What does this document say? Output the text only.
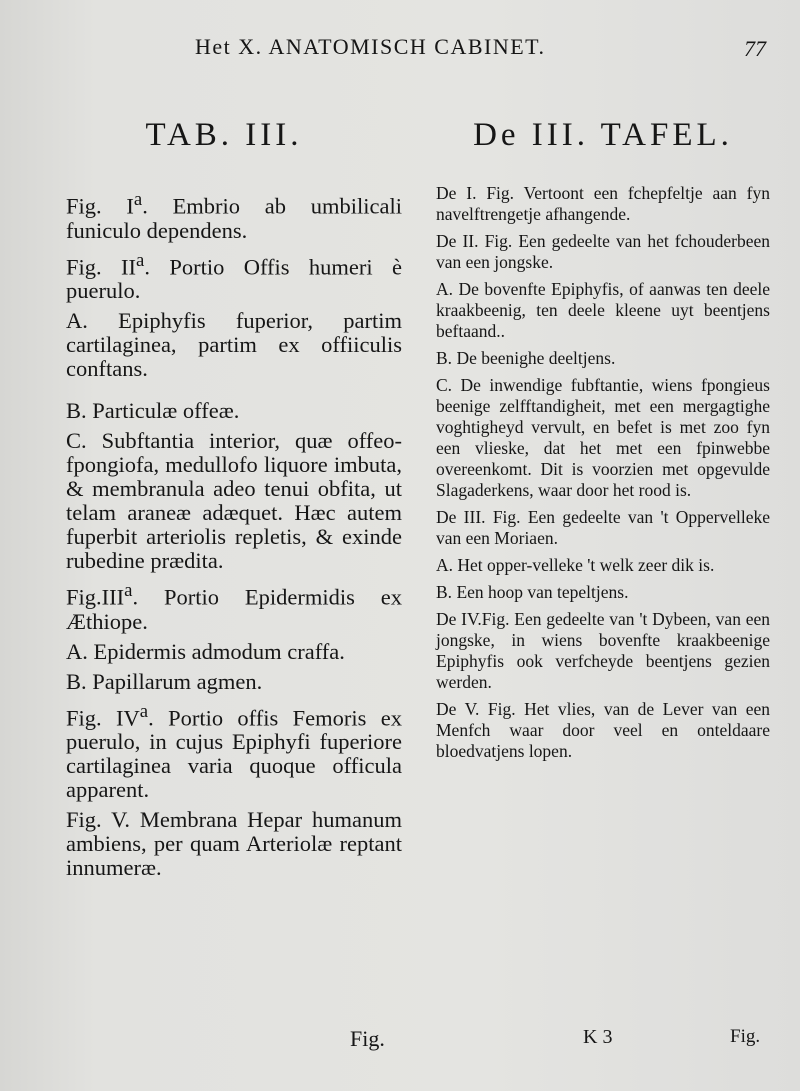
Het X. ANATOMISCH CABINET.	77
TAB. III.
Fig. $I^a$. Embrio ab umbilicali funiculo dependens.
Fig. $II^a$. Portio Offis humeri è puerulo.
A. Epiphyfis fuperior, partim cartilaginea, partim ex offiiculis conftans.
B. Particulæ offeæ.
C. Subftantia interior, quæ offeo-fpongiofa, medullofo liquore imbuta, & membranula adeo tenui obfita, ut telam araneæ adæquet. Hæc autem fuperbit arteriolis repletis, & exinde rubedine prædita.
Fig.III$^a$. Portio Epidermidis ex Æthiope.
A. Epidermis admodum craffa.
B. Papillarum agmen.
Fig. $IV^a$. Portio offis Femoris ex puerulo, in cujus Epiphyfi fuperiore cartilaginea varia quoque officula apparent.
Fig. V. Membrana Hepar humanum ambiens, per quam Arteriolæ reptant innumeræ.
De III. TAFEL.
De I. Fig. Vertoont een fchepfeltje aan fyn navelftrengetje afhangende.
De II. Fig. Een gedeelte van het fchouderbeen van een jongske.
A. De bovenfte Epiphyfis, of aanwas ten deele kraakbeenig, ten deele kleene uyt beentjens beftaand..
B. De beenighe deeltjens.
C. De inwendige fubftantie, wiens fpongieus beenige zelfftandigheit, met een mergagtighe voghtigheyd vervult, en befet is met zoo fyn een vlieske, dat het met een fpinwebbe overeenkomt. Dit is voorzien met opgevulde Slagaderkens, waar door het rood is.
De III. Fig. Een gedeelte van 't Oppervelleke van een Moriaen.
A. Het opper-velleke 't welk zeer dik is.
B. Een hoop van tepeltjens.
De IV.Fig. Een gedeelte van 't Dybeen, van een jongske, in wiens bovenfte kraakbeenige Epiphyfis ook verfcheyde beentjens gezien werden.
De V. Fig. Het vlies, van de Lever van een Menfch waar door veel en onteldaare bloedvatjens lopen.
Fig.	K 3	Fig.
